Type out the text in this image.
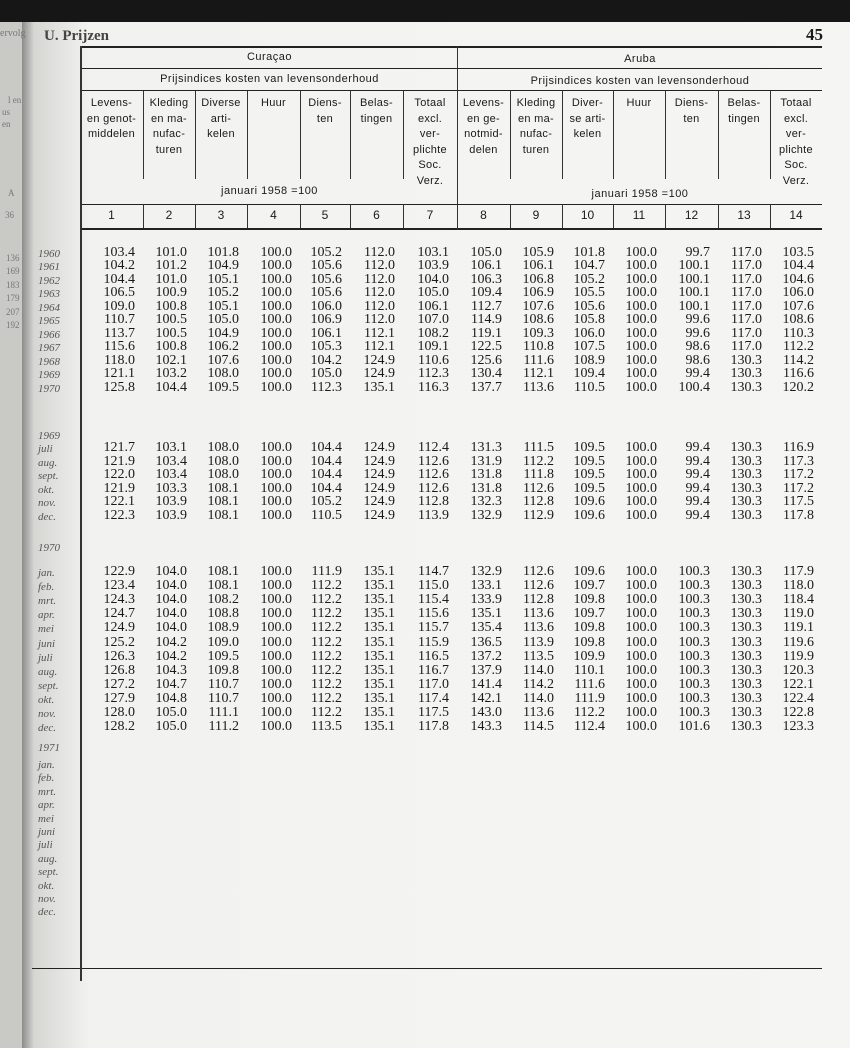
ervolg
l en
us
en
A
36
136
169
183
179
207
192
U. Prijzen	45
Curaçao
Prijsindices kosten van levensonderhoud
januari 1958 =100
Aruba
Prijsindices kosten van levensonderhoud
januari 1958 =100
Levens-
en genot-
middelen
1
Kleding
en ma-
nufac-
turen
2
Diverse
arti-
kelen
3
Huur
4
Diens-
ten
5
Belas-
tingen
6
Totaal
excl.
ver-
plichte
Soc.
Verz.
7
Levens-
en ge-
notmid-
delen
8
Kleding
en ma-
nufac-
turen
9
Diver-
se arti-
kelen
10
Huur
11
Diens-
ten
12
Belas-
tingen
13
Totaal
excl.
ver-
plichte
Soc.
Verz.
14
1960	103.4	101.0	101.8	100.0	105.2	112.0	103.1	105.0	105.9	101.8	100.0	99.7	117.0	103.5
1961	104.2	101.2	104.9	100.0	105.6	112.0	103.9	106.1	106.1	104.7	100.0	100.1	117.0	104.4
1962	104.4	101.0	105.1	100.0	105.6	112.0	104.0	106.3	106.8	105.2	100.0	100.1	117.0	104.6
1963	106.5	100.9	105.2	100.0	105.6	112.0	105.0	109.4	106.9	105.5	100.0	100.1	117.0	106.0
1964	109.0	100.8	105.1	100.0	106.0	112.0	106.1	112.7	107.6	105.6	100.0	100.1	117.0	107.6
1965	110.7	100.5	105.0	100.0	106.9	112.0	107.0	114.9	108.6	105.8	100.0	99.6	117.0	108.6
1966	113.7	100.5	104.9	100.0	106.1	112.1	108.2	119.1	109.3	106.0	100.0	99.6	117.0	110.3
1967	115.6	100.8	106.2	100.0	105.3	112.1	109.1	122.5	110.8	107.5	100.0	98.6	117.0	112.2
1968	118.0	102.1	107.6	100.0	104.2	124.9	110.6	125.6	111.6	108.9	100.0	98.6	130.3	114.2
1969	121.1	103.2	108.0	100.0	105.0	124.9	112.3	130.4	112.1	109.4	100.0	99.4	130.3	116.6
1970	125.8	104.4	109.5	100.0	112.3	135.1	116.3	137.7	113.6	110.5	100.0	100.4	130.3	120.2
1969
juli	121.7	103.1	108.0	100.0	104.4	124.9	112.4	131.3	111.5	109.5	100.0	99.4	130.3	116.9
aug.	121.9	103.4	108.0	100.0	104.4	124.9	112.6	131.9	112.2	109.5	100.0	99.4	130.3	117.3
sept.	122.0	103.4	108.0	100.0	104.4	124.9	112.6	131.8	111.8	109.5	100.0	99.4	130.3	117.2
okt.	121.9	103.3	108.1	100.0	104.4	124.9	112.6	131.8	112.6	109.5	100.0	99.4	130.3	117.2
nov.	122.1	103.9	108.1	100.0	105.2	124.9	112.8	132.3	112.8	109.6	100.0	99.4	130.3	117.5
dec.	122.3	103.9	108.1	100.0	110.5	124.9	113.9	132.9	112.9	109.6	100.0	99.4	130.3	117.8
1970
jan.	122.9	104.0	108.1	100.0	111.9	135.1	114.7	132.9	112.6	109.6	100.0	100.3	130.3	117.9
feb.	123.4	104.0	108.1	100.0	112.2	135.1	115.0	133.1	112.6	109.7	100.0	100.3	130.3	118.0
mrt.	124.3	104.0	108.2	100.0	112.2	135.1	115.4	133.9	112.8	109.8	100.0	100.3	130.3	118.4
apr.	124.7	104.0	108.8	100.0	112.2	135.1	115.6	135.1	113.6	109.7	100.0	100.3	130.3	119.0
mei	124.9	104.0	108.9	100.0	112.2	135.1	115.7	135.4	113.6	109.8	100.0	100.3	130.3	119.1
juni	125.2	104.2	109.0	100.0	112.2	135.1	115.9	136.5	113.9	109.8	100.0	100.3	130.3	119.6
juli	126.3	104.2	109.5	100.0	112.2	135.1	116.5	137.2	113.5	109.9	100.0	100.3	130.3	119.9
aug.	126.8	104.3	109.8	100.0	112.2	135.1	116.7	137.9	114.0	110.1	100.0	100.3	130.3	120.3
sept.	127.2	104.7	110.7	100.0	112.2	135.1	117.0	141.4	114.2	111.6	100.0	100.3	130.3	122.1
okt.	127.9	104.8	110.7	100.0	112.2	135.1	117.4	142.1	114.0	111.9	100.0	100.3	130.3	122.4
nov.	128.0	105.0	111.1	100.0	112.2	135.1	117.5	143.0	113.6	112.2	100.0	100.3	130.3	122.8
dec.	128.2	105.0	111.2	100.0	113.5	135.1	117.8	143.3	114.5	112.4	100.0	101.6	130.3	123.3
1971
jan.
feb.
mrt.
apr.
mei
juni
juli
aug.
sept.
okt.
nov.
dec.
